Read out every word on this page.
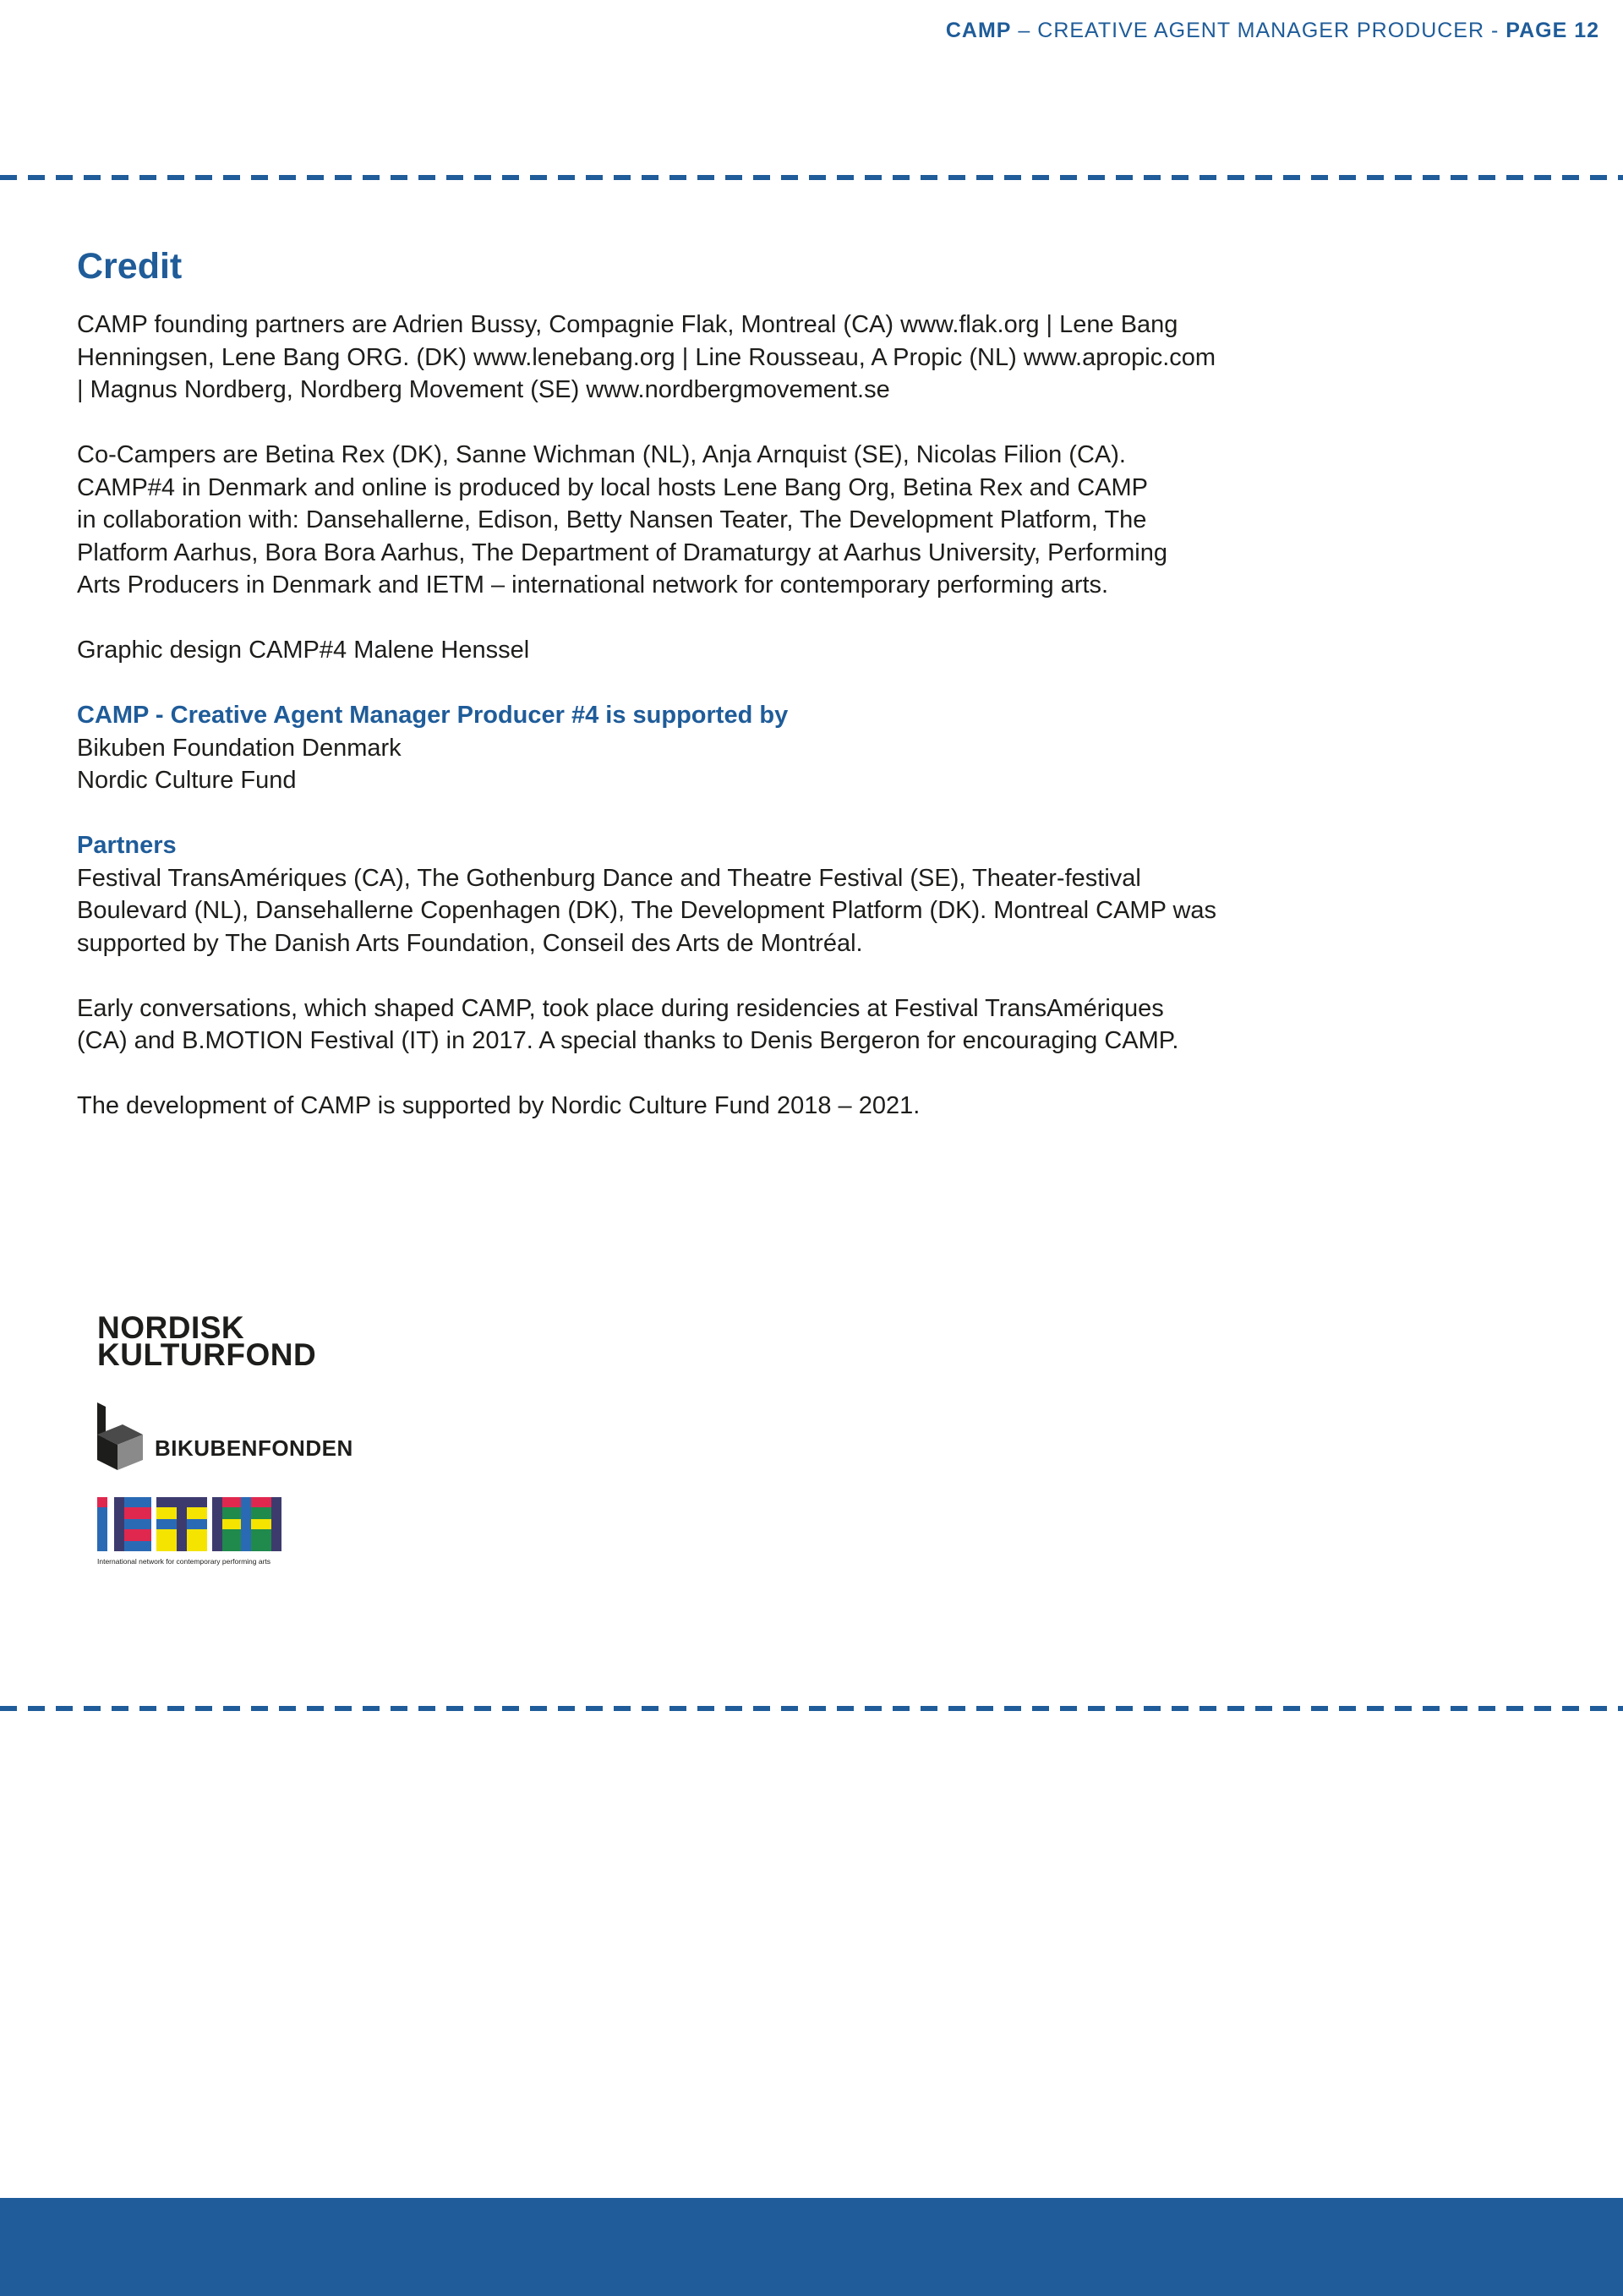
CAMP – CREATIVE AGENT MANAGER PRODUCER - PAGE 12
Credit

CAMP founding partners are Adrien Bussy, Compagnie Flak, Montreal (CA) www.flak.org | Lene Bang
Henningsen, Lene Bang ORG. (DK) www.lenebang.org | Line Rousseau, A Propic (NL) www.apropic.com
| Magnus Nordberg, Nordberg Movement (SE) www.nordbergmovement.se

Co-Campers are Betina Rex (DK), Sanne Wichman (NL), Anja Arnquist (SE), Nicolas Filion (CA).
CAMP#4 in Denmark and online is produced by local hosts Lene Bang Org, Betina Rex and CAMP
in collaboration with: Dansehallerne, Edison, Betty Nansen Teater, The Development Platform, The
Platform Aarhus, Bora Bora Aarhus, The Department of Dramaturgy at Aarhus University, Performing
Arts Producers in Denmark and IETM – international network for contemporary performing arts.

Graphic design CAMP#4 Malene Henssel

CAMP - Creative Agent Manager Producer #4 is supported by
Bikuben Foundation Denmark
Nordic Culture Fund

Partners
Festival TransAmériques (CA), The Gothenburg Dance and Theatre Festival (SE), Theater-festival
Boulevard (NL), Dansehallerne Copenhagen (DK), The Development Platform (DK). Montreal CAMP was
supported by The Danish Arts Foundation, Conseil des Arts de Montréal.

Early conversations, which shaped CAMP, took place during residencies at Festival TransAmériques
(CA) and B.MOTION Festival (IT) in 2017. A special thanks to Denis Bergeron for encouraging CAMP.

The development of CAMP is supported by Nordic Culture Fund 2018 – 2021.

NORDISK
KULTURFOND
BIKUBENFONDEN
International network for contemporary performing arts
